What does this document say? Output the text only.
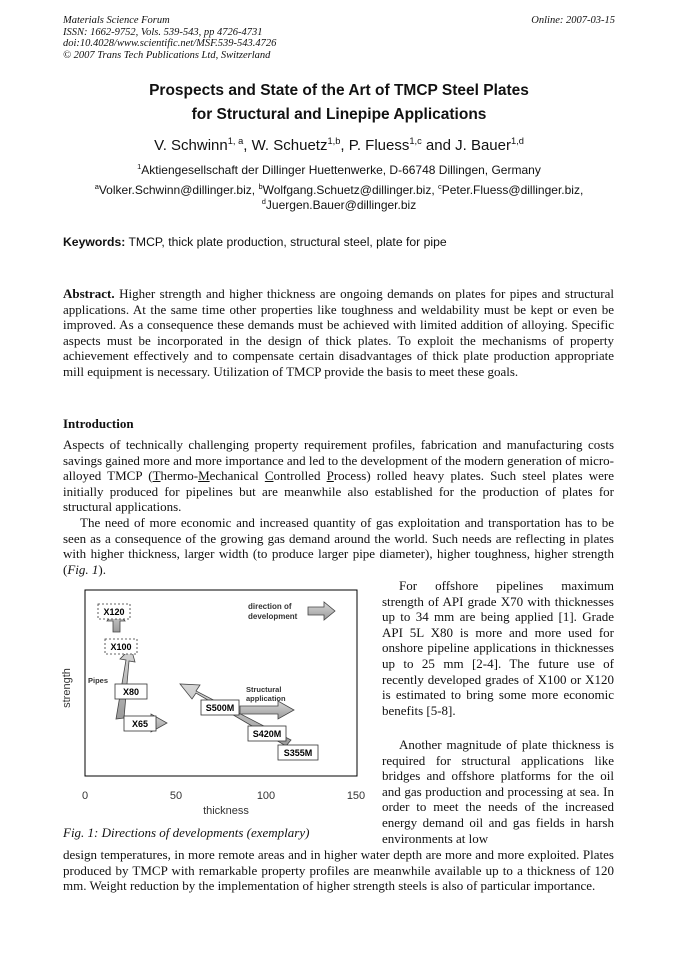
Materials Science Forum
ISSN: 1662-9752, Vols. 539-543, pp 4726-4731
doi:10.4028/www.scientific.net/MSF.539-543.4726
© 2007 Trans Tech Publications Ltd, Switzerland
Online: 2007-03-15
Prospects and State of the Art of TMCP Steel Plates
for Structural and Linepipe Applications
V. Schwinn$^{1, a}$, W. Schuetz$^{1,b}$, P. Fluess$^{1,c}$ and J. Bauer$^{1,d}$
$^1$Aktiengesellschaft der Dillinger Huettenwerke, D-66748 Dillingen, Germany
$^a$Volker.Schwinn@dillinger.biz, $^b$Wolfgang.Schuetz@dillinger.biz, $^c$Peter.Fluess@dillinger.biz,
$^d$Juergen.Bauer@dillinger.biz
Keywords: TMCP, thick plate production, structural steel, plate for pipe

Abstract. Higher strength and higher thickness are ongoing demands on plates for pipes and structural applications. At the same time other properties like toughness and weldability must be kept or even be improved. As a consequence these demands must be achieved with limited addition of alloying. Specific aspects must be incorporated in the design of thick plates. To exploit the mechanisms of property achievement effectively and to compensate certain disadvantages of thick plate production appropriate mill equipment is necessary. Utilization of TMCP provide the basis to meet these goals.

Introduction

Aspects of technically challenging property requirement profiles, fabrication and manufacturing costs savings gained more and more importance and led to the development of the modern generation of micro-alloyed TMCP (Thermo-Mechanical Controlled Process) rolled heavy plates. Such steel plates were initially produced for pipelines but are meanwhile also established for the production of plates for structural applications.

The need of more economic and increased quantity of gas exploitation and transportation has to be seen as a consequence of the growing gas demand around the world. Such needs are reflecting in plates with higher thickness, larger width (to produce larger pipe diameter), higher toughness, higher strength (Fig. 1).

For offshore pipelines maximum strength of API grade X70 with thicknesses up to 34 mm are being applied [1]. Grade API 5L X80 is more and more used for onshore pipeline applications in thicknesses up to 25 mm [2-4]. The future use of recently developed grades of X100 or X120 is estimated to bring some more economic benefits [5-8].

Another magnitude of plate thickness is required for structural applications like bridges and offshore platforms for the oil and gas production and processing at sea. In order to meet the needs of the increased energy demand oil and gas fields in harsh environments at low

design temperatures, in more remote areas and in higher water depth are more and more exploited. Plates produced by TMCP with remarkable property profiles are meanwhile available up to a thickness of 120 mm. Weight reduction by the implementation of higher strength steels is also of particular importance.

X120
X100
X80
X65
S500M
S420M
S355M
direction of
development
Pipes
Structural
application
0	50	100	150
thickness
strength
Fig. 1: Directions of developments (exemplary)
